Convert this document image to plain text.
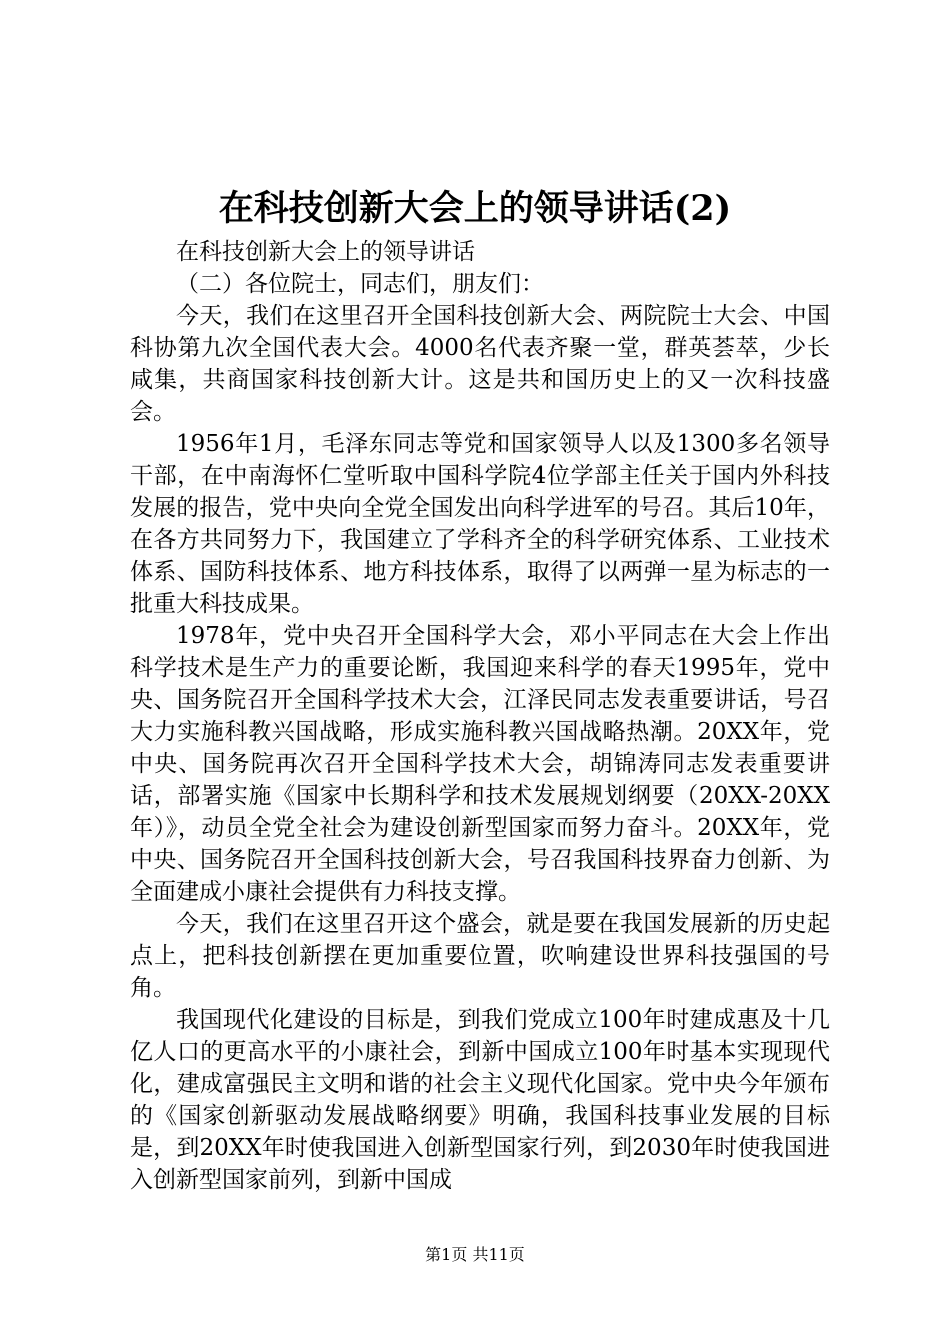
在科技创新大会上的领导讲话(2)

在科技创新大会上的领导讲话

（二）各位院士，同志们，朋友们：

今天，我们在这里召开全国科技创新大会、两院院士大会、中国科协第九次全国代表大会。4000名代表齐聚一堂，群英荟萃，少长咸集，共商国家科技创新大计。这是共和国历史上的又一次科技盛会。

1956年1月，毛泽东同志等党和国家领导人以及1300多名领导干部，在中南海怀仁堂听取中国科学院4位学部主任关于国内外科技发展的报告，党中央向全党全国发出向科学进军的号召。其后10年，在各方共同努力下，我国建立了学科齐全的科学研究体系、工业技术体系、国防科技体系、地方科技体系，取得了以两弹一星为标志的一批重大科技成果。

1978年，党中央召开全国科学大会，邓小平同志在大会上作出科学技术是生产力的重要论断，我国迎来科学的春天1995年，党中央、国务院召开全国科学技术大会，江泽民同志发表重要讲话，号召大力实施科教兴国战略，形成实施科教兴国战略热潮。20XX年，党中央、国务院再次召开全国科学技术大会，胡锦涛同志发表重要讲话，部署实施《国家中长期科学和技术发展规划纲要（20XX-20XX年）》，动员全党全社会为建设创新型国家而努力奋斗。20XX年，党中央、国务院召开全国科技创新大会，号召我国科技界奋力创新、为全面建成小康社会提供有力科技支撑。

今天，我们在这里召开这个盛会，就是要在我国发展新的历史起点上，把科技创新摆在更加重要位置，吹响建设世界科技强国的号角。

我国现代化建设的目标是，到我们党成立100年时建成惠及十几亿人口的更高水平的小康社会，到新中国成立100年时基本实现现代化，建成富强民主文明和谐的社会主义现代化国家。党中央今年颁布的《国家创新驱动发展战略纲要》明确，我国科技事业发展的目标是，到20XX年时使我国进入创新型国家行列，到2030年时使我国进入创新型国家前列，到新中国成

第1页 共11页
